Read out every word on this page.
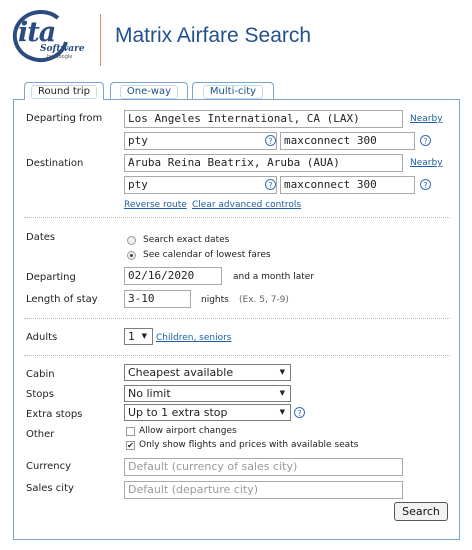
ita
Software
by Google
Matrix Airfare Search
Round trip	One-way	Multi-city
Departing from	Los Angeles International, CA (LAX)	Nearby
pty	?	maxconnect 300	?
Destination	Aruba Reina Beatrix, Aruba (AUA)	Nearby
pty	?	maxconnect 300	?
Reverse route Clear advanced controls
Dates	Search exact dates
See calendar of lowest fares
Departing	02/16/2020	and a month later
Length of stay	3-10	nights (Ex. 5, 7-9)
Adults	1 ▼ Children, seniors
Cabin	Cheapest available	▼
Stops	No limit	▼
Extra stops	Up to 1 extra stop	▼	?
Other	Allow airport changes
✔ Only show flights and prices with available seats
Currency	Default (currency of sales city)
Sales city	Default (departure city)
Search
